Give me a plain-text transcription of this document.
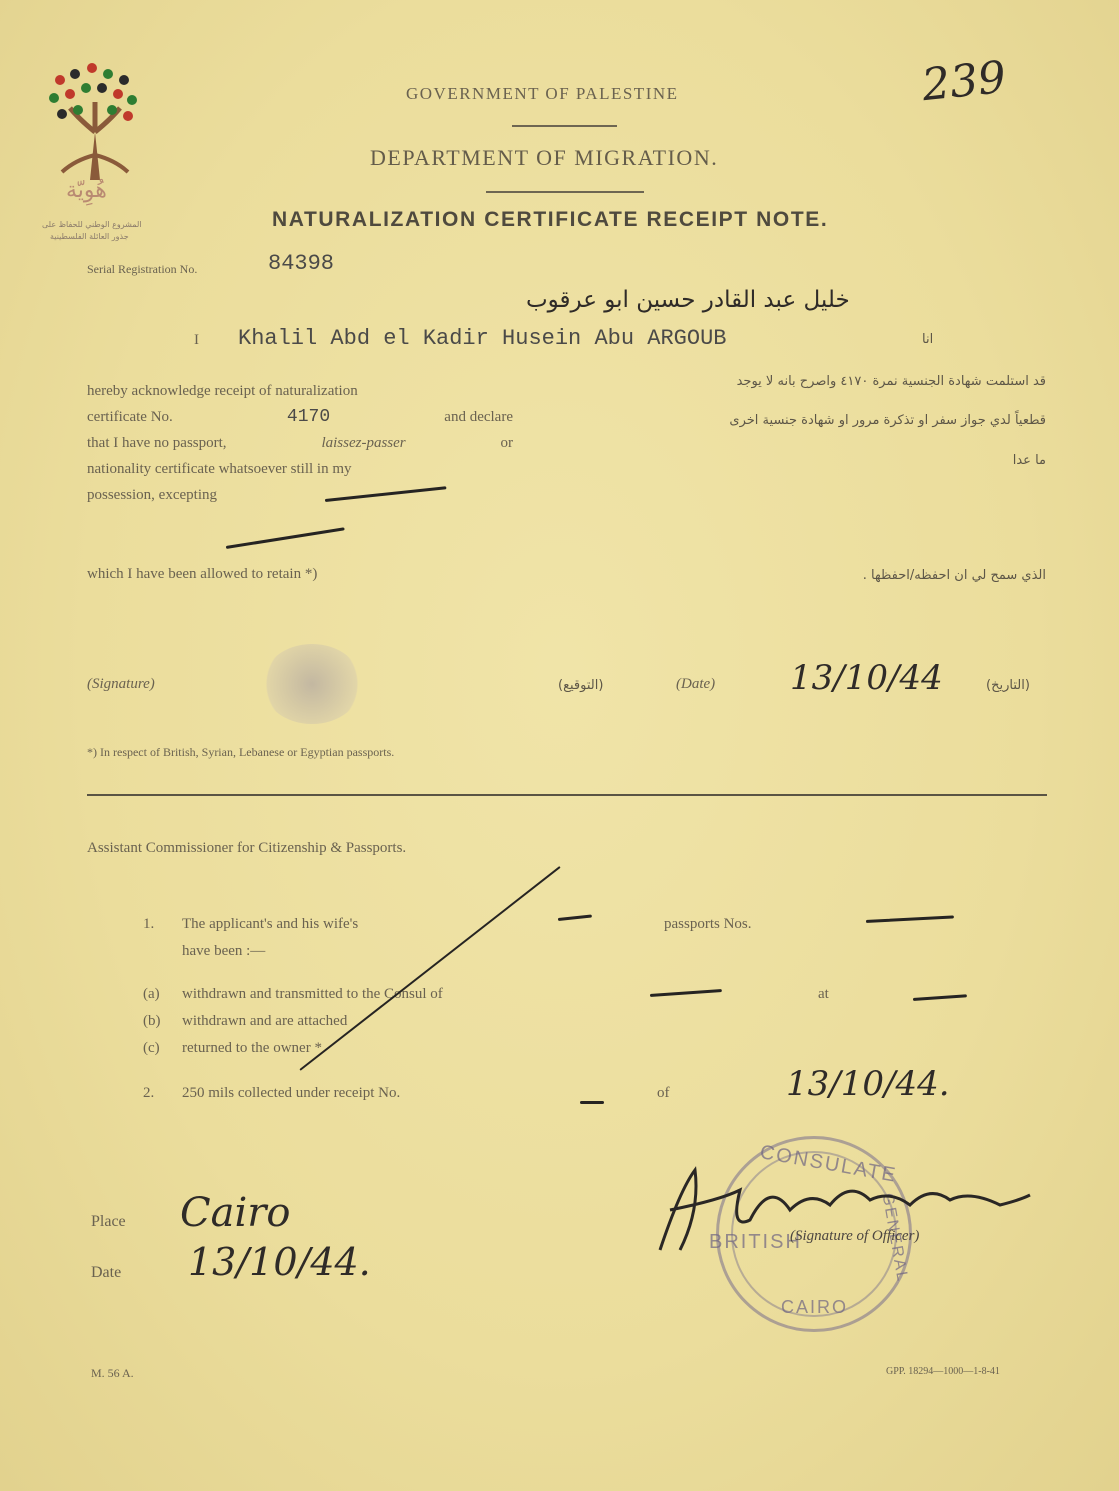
هُوِيّة
المشروع الوطني للحفاظ على
جذور العائلة الفلسطينية
239
GOVERNMENT OF PALESTINE
DEPARTMENT OF MIGRATION.
NATURALIZATION CERTIFICATE RECEIPT NOTE.
Serial Registration No.	84398
خليل عبد القادر حسين ابو عرقوب
I Khalil Abd el Kadir Husein Abu ARGOUB	انا
hereby acknowledge receipt of naturalization
certificate No.	4170	and declare
that I have no passport,	laissez-passer	or
nationality certificate whatsoever still in my
possession, excepting
قد استلمت شهادة الجنسية نمرة ٤١٧٠ واصرح بانه لا يوجد
قطعياً لدي جواز سفر او تذكرة مرور او شهادة جنسية اخرى
ما عدا
which I have been allowed to retain *)	الذي سمح لي ان احفظه/احفظها .
(Signature)	(التوقيع)	(Date) 13/10/44	(التاريخ)
*) In respect of British, Syrian, Lebanese or Egyptian passports.
Assistant Commissioner for Citizenship & Passports.
1. The applicant's and his wife's	passports Nos.
have been :—
(a) withdrawn and transmitted to the Consul of	at
(b) withdrawn and are attached
(c) returned to the owner *
2. 250 mils collected under receipt No.	of	13/10/44.
Place Cairo
Date 13/10/44.
CONSULATE
BRITISH	GENERAL
CAIRO
(Signature of Officer)
M. 56 A.	GPP. 18294—1000—1-8-41
